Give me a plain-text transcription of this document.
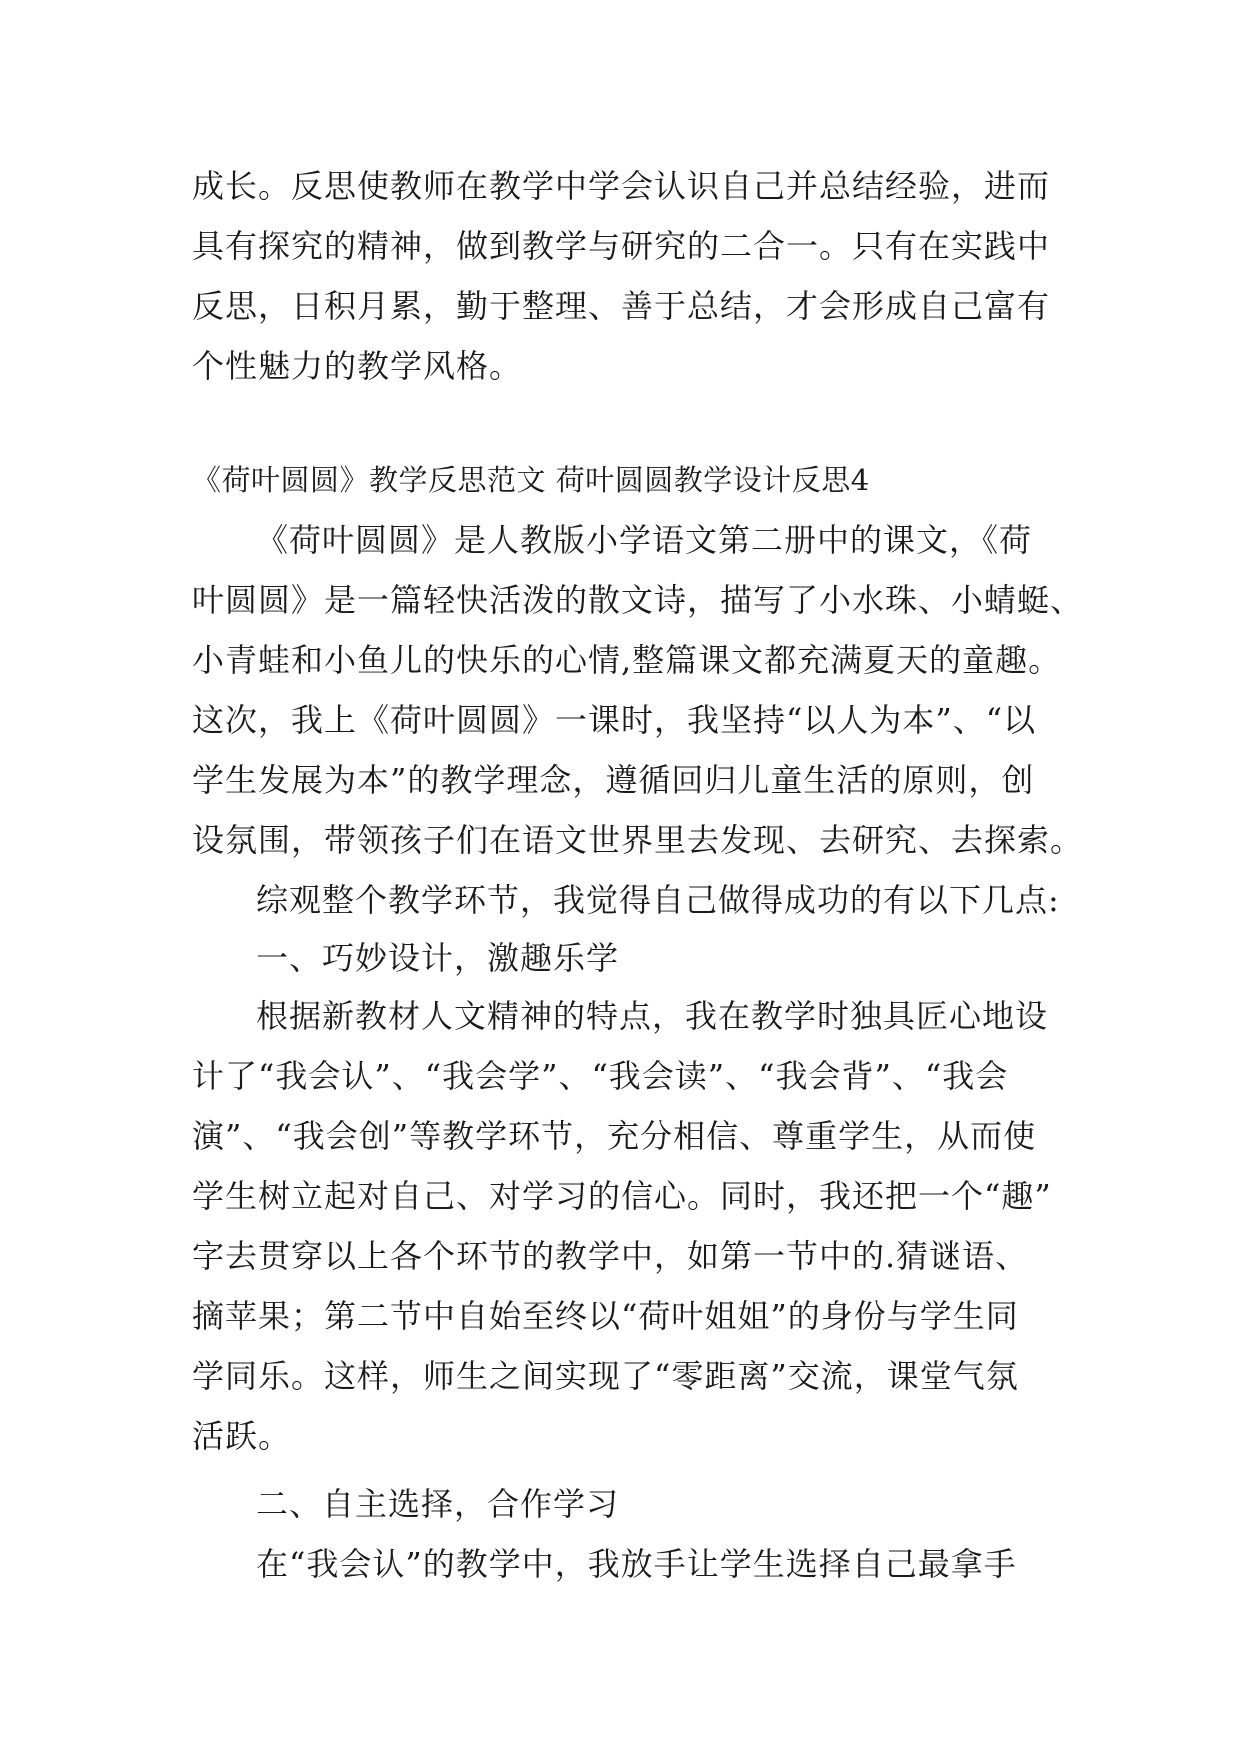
成长。反思使教师在教学中学会认识自己并总结经验，进而
具有探究的精神，做到教学与研究的二合一。只有在实践中
反思，日积月累，勤于整理、善于总结，才会形成自己富有
个性魅力的教学风格。
《荷叶圆圆》教学反思范文 荷叶圆圆教学设计反思4
《荷叶圆圆》是人教版小学语文第二册中的课文，《荷
叶圆圆》是一篇轻快活泼的散文诗，描写了小水珠、小蜻蜓、
小青蛙和小鱼儿的快乐的心情,整篇课文都充满夏天的童趣。
这次，我上《荷叶圆圆》一课时，我坚持“以人为本”、“以
学生发展为本”的教学理念，遵循回归儿童生活的原则，创
设氛围，带领孩子们在语文世界里去发现、去研究、去探索。
综观整个教学环节，我觉得自己做得成功的有以下几点:
一、巧妙设计，激趣乐学
根据新教材人文精神的特点，我在教学时独具匠心地设
计了“我会认”、“我会学”、“我会读”、“我会背”、“我会
演”、“我会创”等教学环节，充分相信、尊重学生，从而使
学生树立起对自己、对学习的信心。同时，我还把一个“趣”
字去贯穿以上各个环节的教学中，如第一节中的.猜谜语、
摘苹果；第二节中自始至终以“荷叶姐姐”的身份与学生同
学同乐。这样，师生之间实现了“零距离”交流，课堂气氛
活跃。
二、自主选择，合作学习
在“我会认”的教学中，我放手让学生选择自己最拿手
